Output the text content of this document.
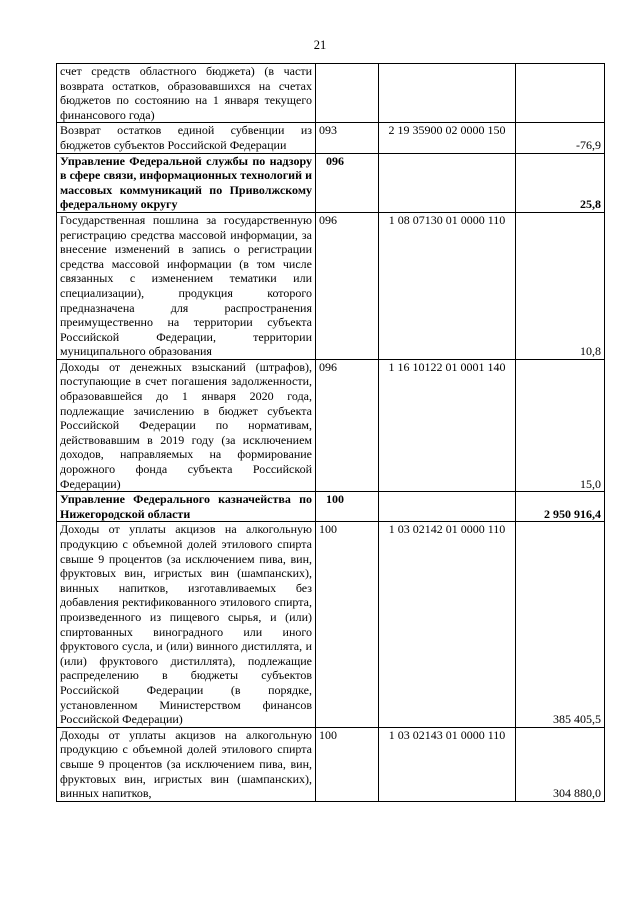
21
счет средств областного бюджета) (в части возврата остатков, образовавшихся на счетах бюджетов по состоянию на 1 января текущего финансового года)			
Возврат остатков единой субвенции из бюджетов субъектов Российской Федерации	093	2 19 35900 02 0000 150	-76,9
Управление Федеральной службы по надзору в сфере связи, информационных технологий и массовых коммуникаций по Приволжскому федеральному округу	096		25,8
Государственная пошлина за государственную регистрацию средства массовой информации, за внесение изменений в запись о регистрации средства массовой информации (в том числе связанных с изменением тематики или специализации), продукция которого предназначена для распространения преимущественно на территории субъекта Российской Федерации, территории муниципального образования	096	1 08 07130 01 0000 110	10,8
Доходы от денежных взысканий (штрафов), поступающие в счет погашения задолженности, образовавшейся до 1 января 2020 года, подлежащие зачислению в бюджет субъекта Российской Федерации по нормативам, действовавшим в 2019 году (за исключением доходов, направляемых на формирование дорожного фонда субъекта Российской Федерации)	096	1 16 10122 01 0001 140	15,0
Управление Федерального казначейства по Нижегородской области	100		2 950 916,4
Доходы от уплаты акцизов на алкогольную продукцию с объемной долей этилового спирта свыше 9 процентов (за исключением пива, вин, фруктовых вин, игристых вин (шампанских), винных напитков, изготавливаемых без добавления ректификованного этилового спирта, произведенного из пищевого сырья, и (или) спиртованных виноградного или иного фруктового сусла, и (или) винного дистиллята, и (или) фруктового дистиллята), подлежащие распределению в бюджеты субъектов Российской Федерации (в порядке, установленном Министерством финансов Российской Федерации)	100	1 03 02142 01 0000 110	385 405,5
Доходы от уплаты акцизов на алкогольную продукцию с объемной долей этилового спирта свыше 9 процентов (за исключением пива, вин, фруктовых вин, игристых вин (шампанских), винных напитков,	100	1 03 02143 01 0000 110	304 880,0
